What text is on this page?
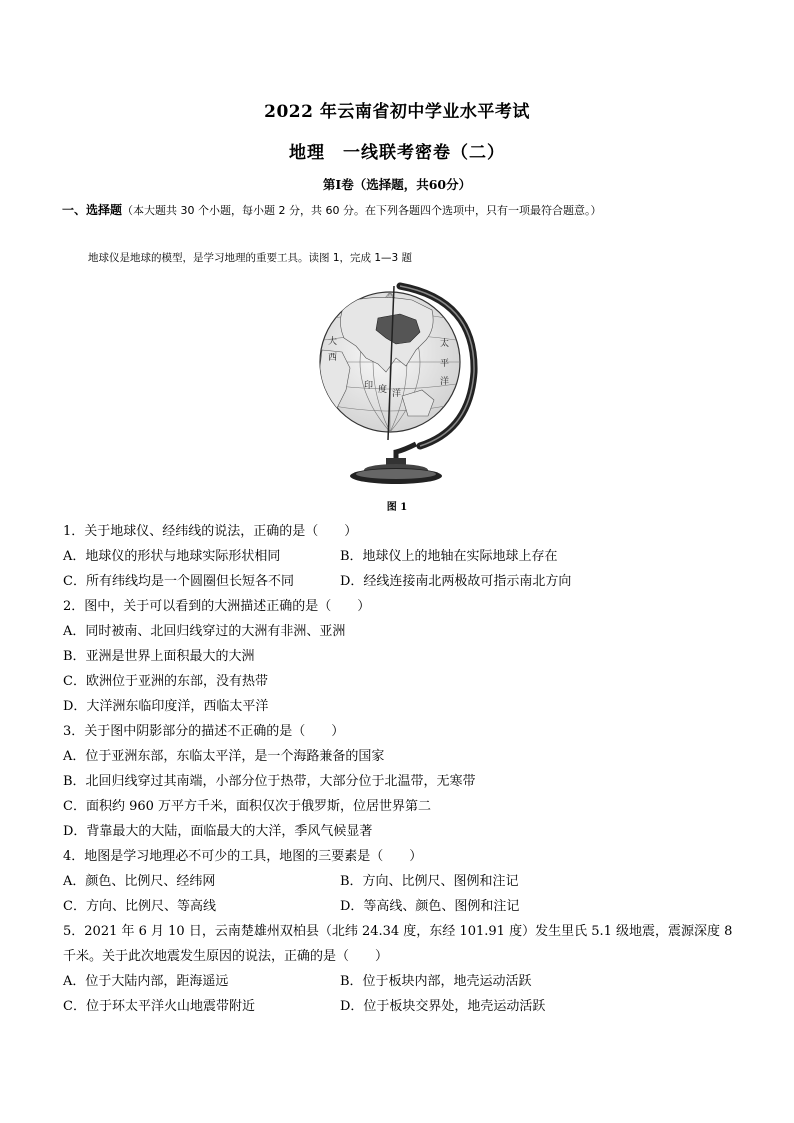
2022 年云南省初中学业水平考试
地理　一线联考密卷（二）
第Ⅰ卷（选择题，共60分）
一、选择题（本大题共 30 个小题，每小题 2 分，共 60 分。在下列各题四个选项中，只有一项最符合题意。）
地球仪是地球的模型，是学习地理的重要工具。读图 1，完成 1—3 题
太
平
洋
大
西
印 度 洋
图 1
1．关于地球仪、经纬线的说法，正确的是（　　）
A．地球仪的形状与地球实际形状相同	B．地球仪上的地轴在实际地球上存在
C．所有纬线均是一个圆圈但长短各不同	D．经线连接南北两极故可指示南北方向
2．图中，关于可以看到的大洲描述正确的是（　　）
A．同时被南、北回归线穿过的大洲有非洲、亚洲
B．亚洲是世界上面积最大的大洲
C．欧洲位于亚洲的东部，没有热带
D．大洋洲东临印度洋，西临太平洋
3．关于图中阴影部分的描述不正确的是（　　）
A．位于亚洲东部，东临太平洋，是一个海路兼备的国家
B．北回归线穿过其南端，小部分位于热带，大部分位于北温带，无寒带
C．面积约 960 万平方千米，面积仅次于俄罗斯，位居世界第二
D．背靠最大的大陆，面临最大的大洋，季风气候显著
4．地图是学习地理必不可少的工具，地图的三要素是（　　）
A．颜色、比例尺、经纬网	B．方向、比例尺、图例和注记
C．方向、比例尺、等高线	D．等高线、颜色、图例和注记
5．2021 年 6 月 10 日，云南楚雄州双柏县（北纬 24.34 度，东经 101.91 度）发生里氏 5.1 级地震，震源深度 8 千米。关于此次地震发生原因的说法，正确的是（　　）
A．位于大陆内部，距海遥远	B．位于板块内部，地壳运动活跃
C．位于环太平洋火山地震带附近	D．位于板块交界处，地壳运动活跃
